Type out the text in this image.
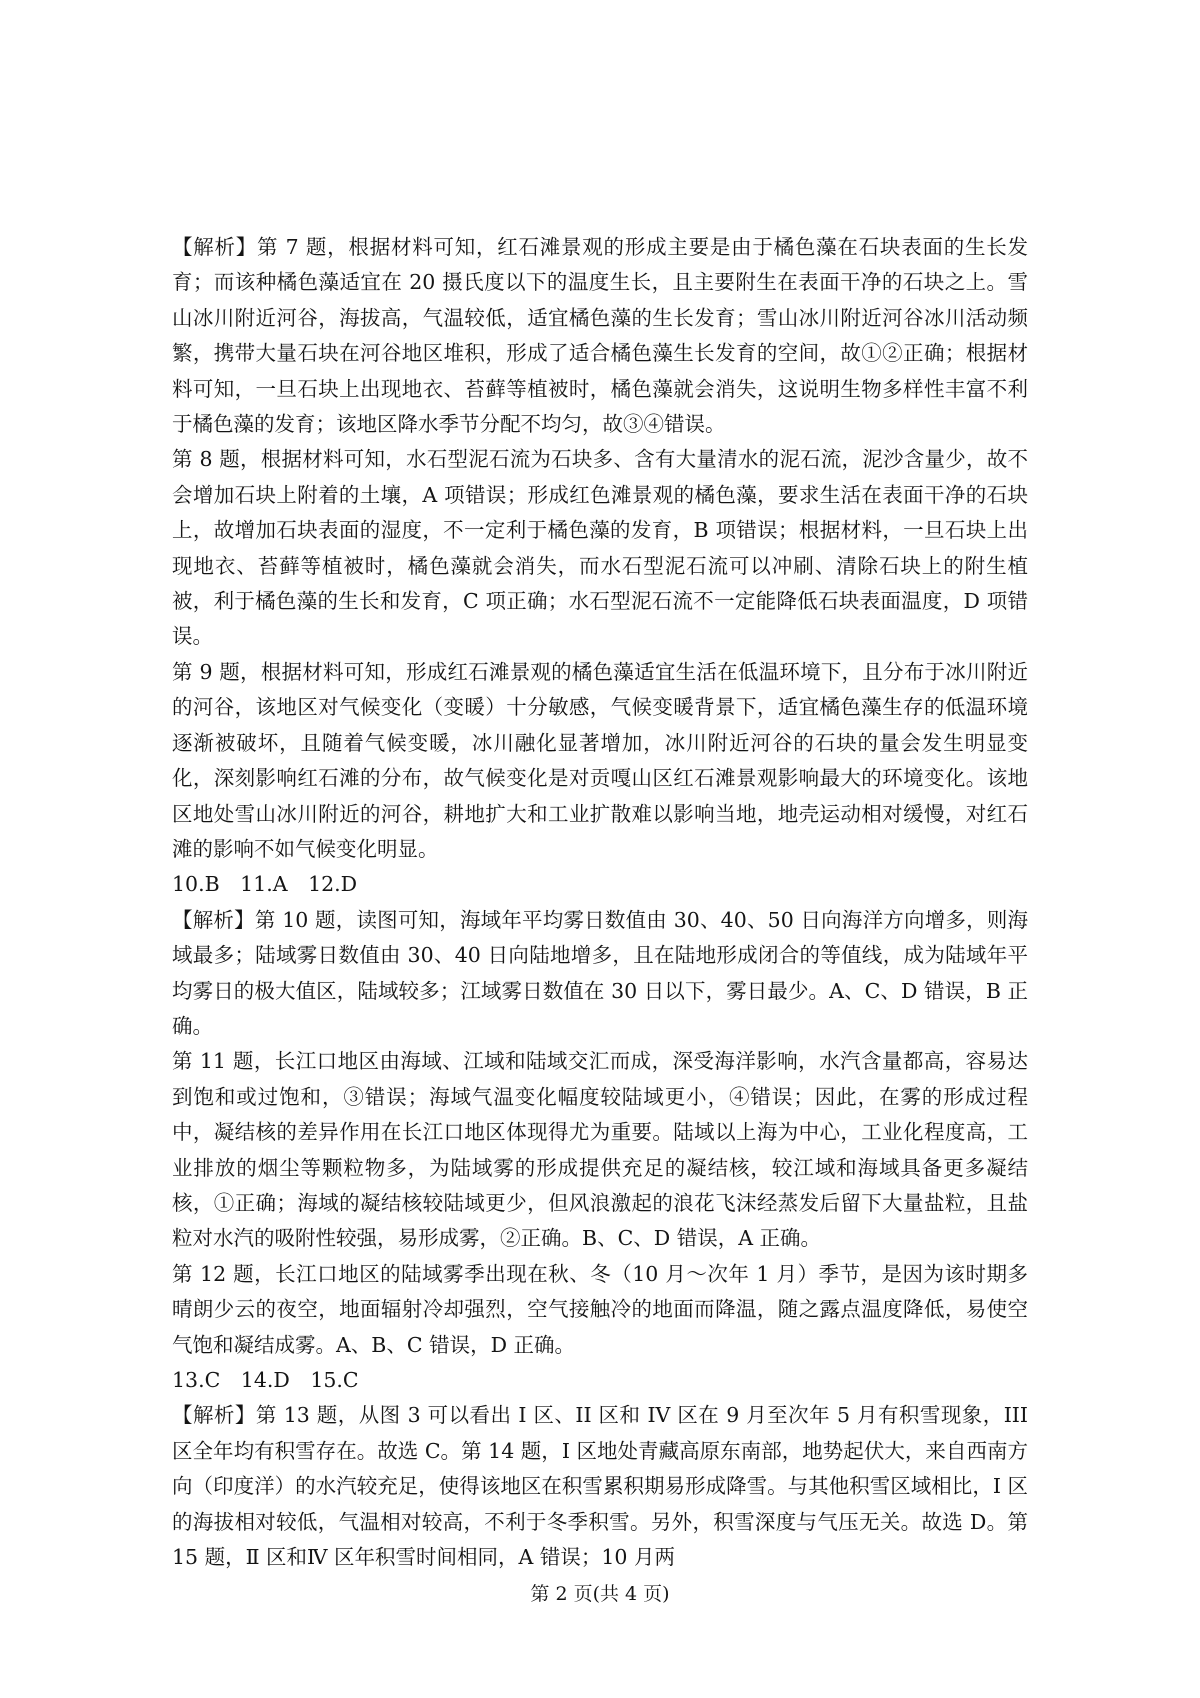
【解析】第 7 题，根据材料可知，红石滩景观的形成主要是由于橘色藻在石块表面的生长发育；而该种橘色藻适宜在 20 摄氏度以下的温度生长，且主要附生在表面干净的石块之上。雪山冰川附近河谷，海拔高，气温较低，适宜橘色藻的生长发育；雪山冰川附近河谷冰川活动频繁，携带大量石块在河谷地区堆积，形成了适合橘色藻生长发育的空间，故①②正确；根据材料可知，一旦石块上出现地衣、苔藓等植被时，橘色藻就会消失，这说明生物多样性丰富不利于橘色藻的发育；该地区降水季节分配不均匀，故③④错误。

第 8 题，根据材料可知，水石型泥石流为石块多、含有大量清水的泥石流，泥沙含量少，故不会增加石块上附着的土壤，A 项错误；形成红色滩景观的橘色藻，要求生活在表面干净的石块上，故增加石块表面的湿度，不一定利于橘色藻的发育，B 项错误；根据材料，一旦石块上出现地衣、苔藓等植被时，橘色藻就会消失，而水石型泥石流可以冲刷、清除石块上的附生植被，利于橘色藻的生长和发育，C 项正确；水石型泥石流不一定能降低石块表面温度，D 项错误。

第 9 题，根据材料可知，形成红石滩景观的橘色藻适宜生活在低温环境下，且分布于冰川附近的河谷，该地区对气候变化（变暖）十分敏感，气候变暖背景下，适宜橘色藻生存的低温环境逐渐被破坏，且随着气候变暖，冰川融化显著增加，冰川附近河谷的石块的量会发生明显变化，深刻影响红石滩的分布，故气候变化是对贡嘎山区红石滩景观影响最大的环境变化。该地区地处雪山冰川附近的河谷，耕地扩大和工业扩散难以影响当地，地壳运动相对缓慢，对红石滩的影响不如气候变化明显。

10.B　11.A　12.D

【解析】第 10 题，读图可知，海域年平均雾日数值由 30、40、50 日向海洋方向增多，则海域最多；陆域雾日数值由 30、40 日向陆地增多，且在陆地形成闭合的等值线，成为陆域年平均雾日的极大值区，陆域较多；江域雾日数值在 30 日以下，雾日最少。A、C、D 错误，B 正确。

第 11 题，长江口地区由海域、江域和陆域交汇而成，深受海洋影响，水汽含量都高，容易达到饱和或过饱和，③错误；海域气温变化幅度较陆域更小，④错误；因此，在雾的形成过程中，凝结核的差异作用在长江口地区体现得尤为重要。陆域以上海为中心，工业化程度高，工业排放的烟尘等颗粒物多，为陆域雾的形成提供充足的凝结核，较江域和海域具备更多凝结核，①正确；海域的凝结核较陆域更少，但风浪激起的浪花飞沫经蒸发后留下大量盐粒，且盐粒对水汽的吸附性较强，易形成雾，②正确。B、C、D 错误，A 正确。

第 12 题，长江口地区的陆域雾季出现在秋、冬（10 月～次年 1 月）季节，是因为该时期多晴朗少云的夜空，地面辐射冷却强烈，空气接触冷的地面而降温，随之露点温度降低，易使空气饱和凝结成雾。A、B、C 错误，D 正确。

13.C　14.D　15.C

【解析】第 13 题，从图 3 可以看出 I 区、II 区和 IV 区在 9 月至次年 5 月有积雪现象，III 区全年均有积雪存在。故选 C。第 14 题，I 区地处青藏高原东南部，地势起伏大，来自西南方向（印度洋）的水汽较充足，使得该地区在积雪累积期易形成降雪。与其他积雪区域相比，I 区的海拔相对较低，气温相对较高，不利于冬季积雪。另外，积雪深度与气压无关。故选 D。第 15 题，Ⅱ 区和Ⅳ 区年积雪时间相同，A 错误；10 月两

第 2 页(共 4 页)
